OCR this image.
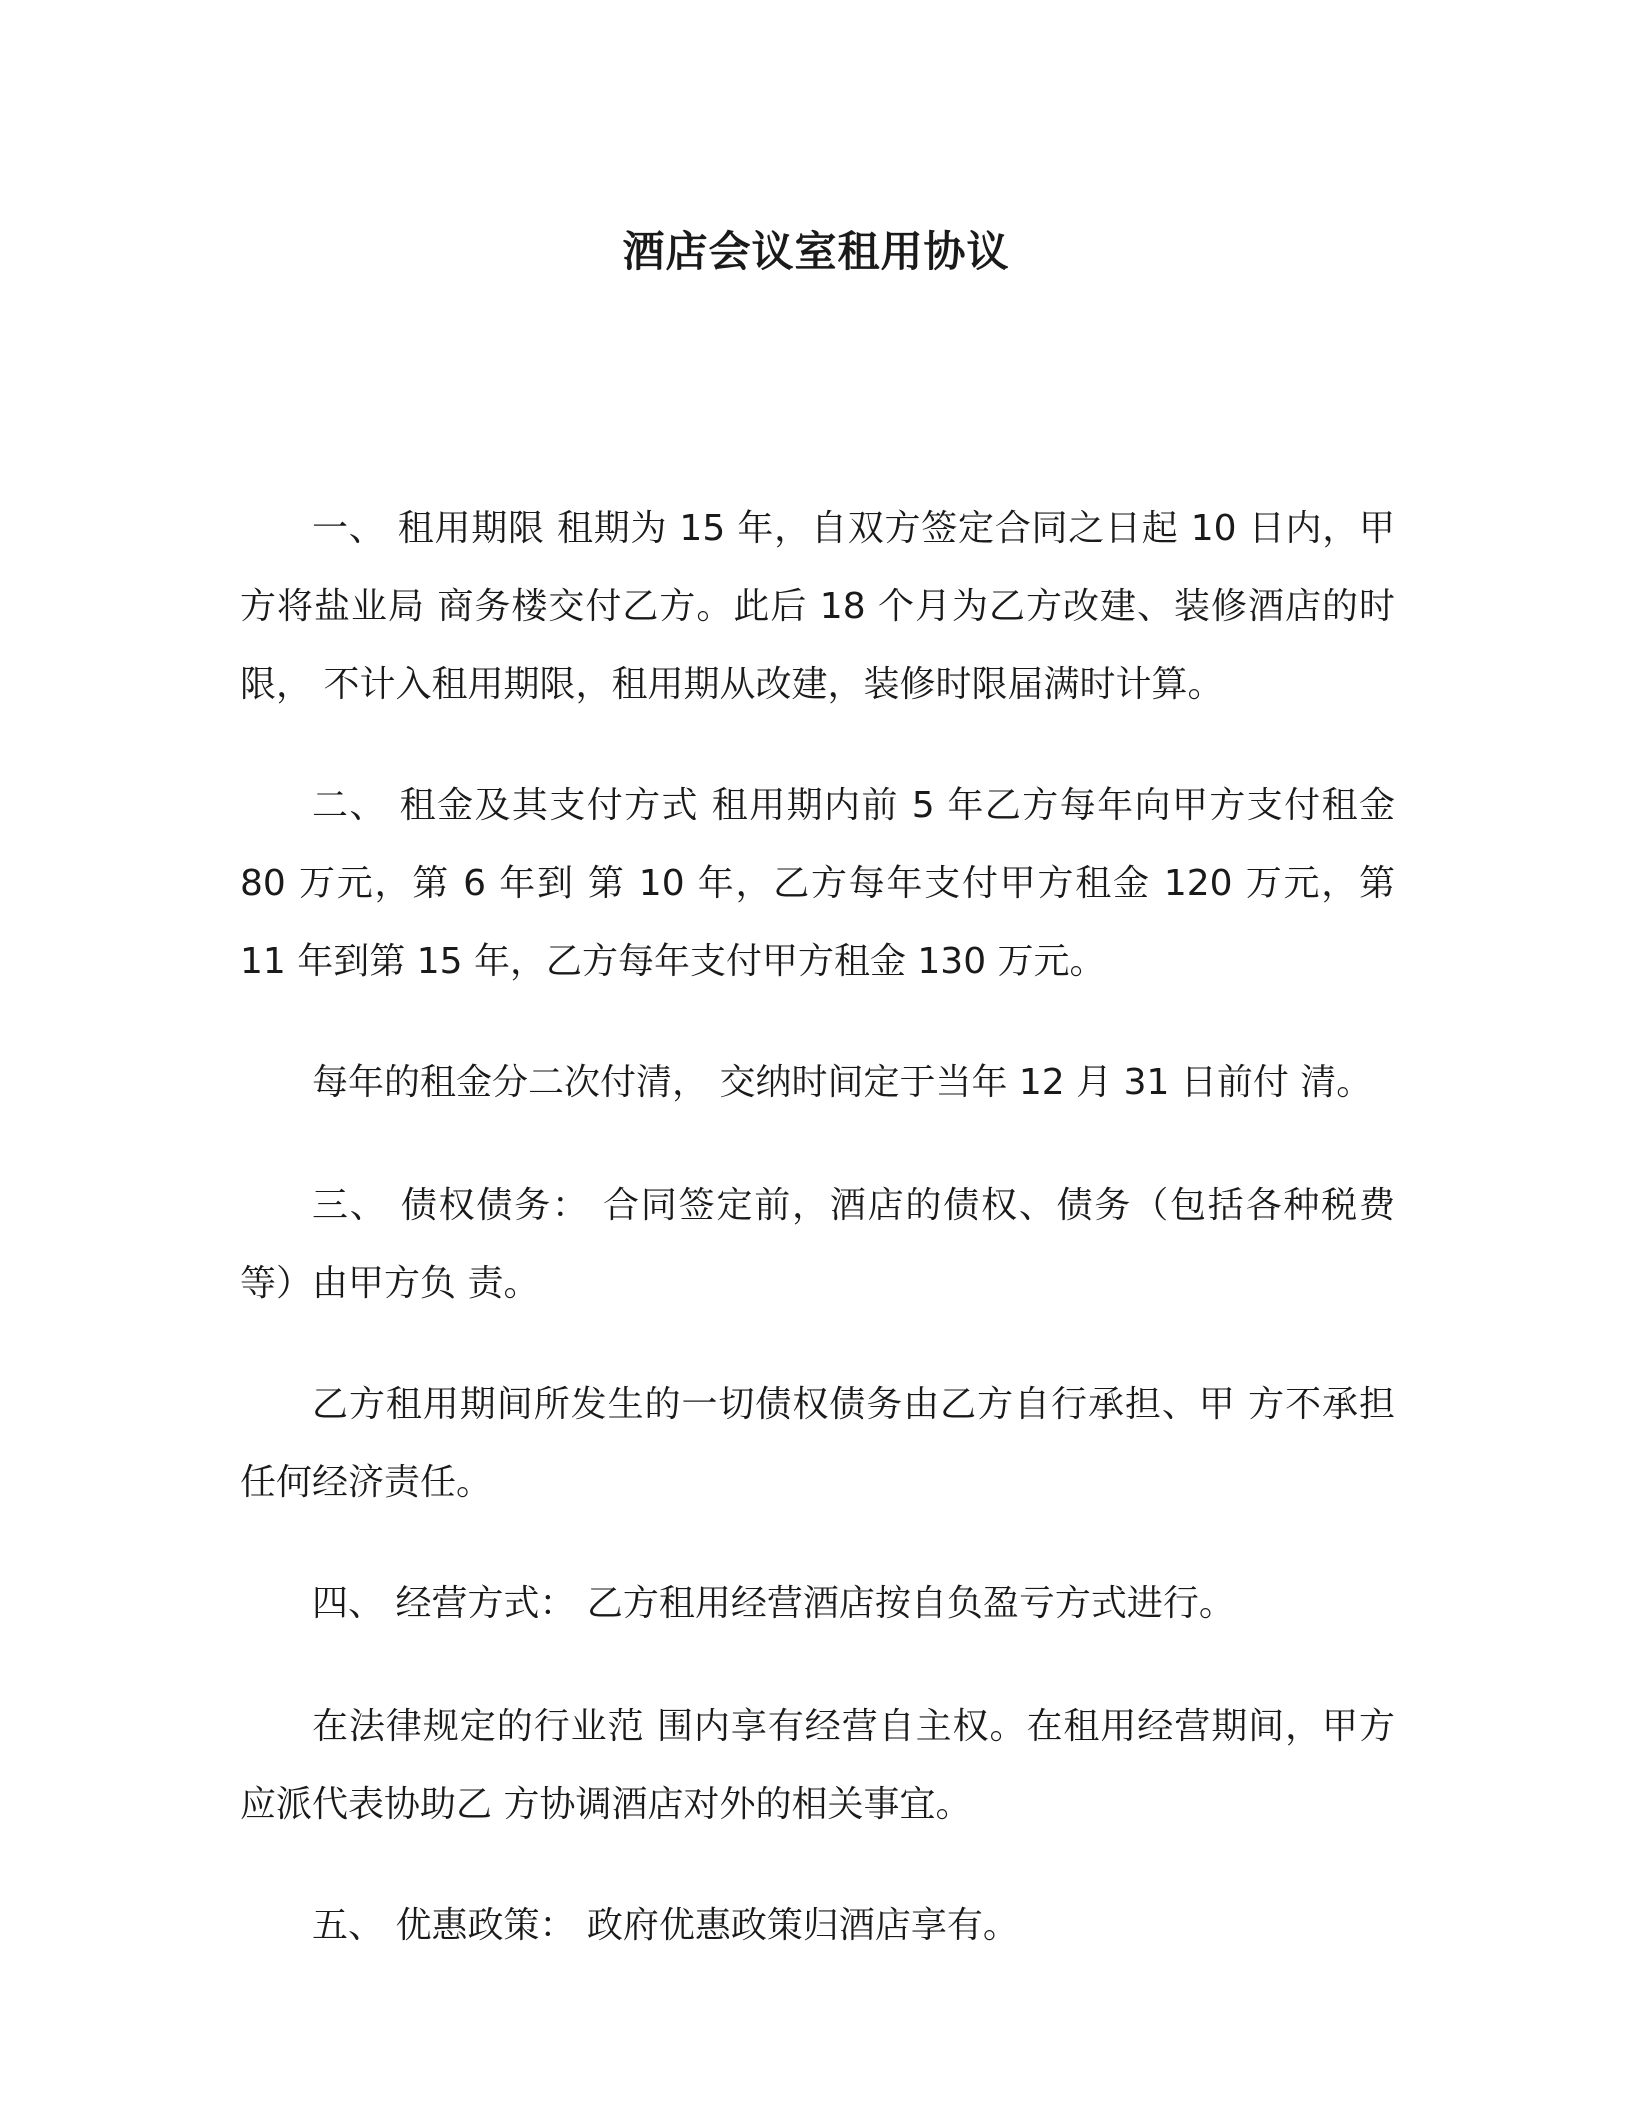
酒店会议室租用协议

一、 租用期限 租期为 15 年，自双方签定合同之日起 10 日内，甲方将盐业局 商务楼交付乙方。此后 18 个月为乙方改建、装修酒店的时限， 不计入租用期限，租用期从改建，装修时限届满时计算。

二、 租金及其支付方式 租用期内前 5 年乙方每年向甲方支付租金 80 万元，第 6 年到 第 10 年，乙方每年支付甲方租金 120 万元，第 11 年到第 15 年，乙方每年支付甲方租金 130 万元。

每年的租金分二次付清， 交纳时间定于当年 12 月 31 日前付 清。

三、 债权债务： 合同签定前，酒店的债权、债务（包括各种税费等）由甲方负 责。

乙方租用期间所发生的一切债权债务由乙方自行承担、甲 方不承担任何经济责任。

四、 经营方式： 乙方租用经营酒店按自负盈亏方式进行。

在法律规定的行业范 围内享有经营自主权。在租用经营期间，甲方应派代表协助乙 方协调酒店对外的相关事宜。

五、 优惠政策： 政府优惠政策归酒店享有。
